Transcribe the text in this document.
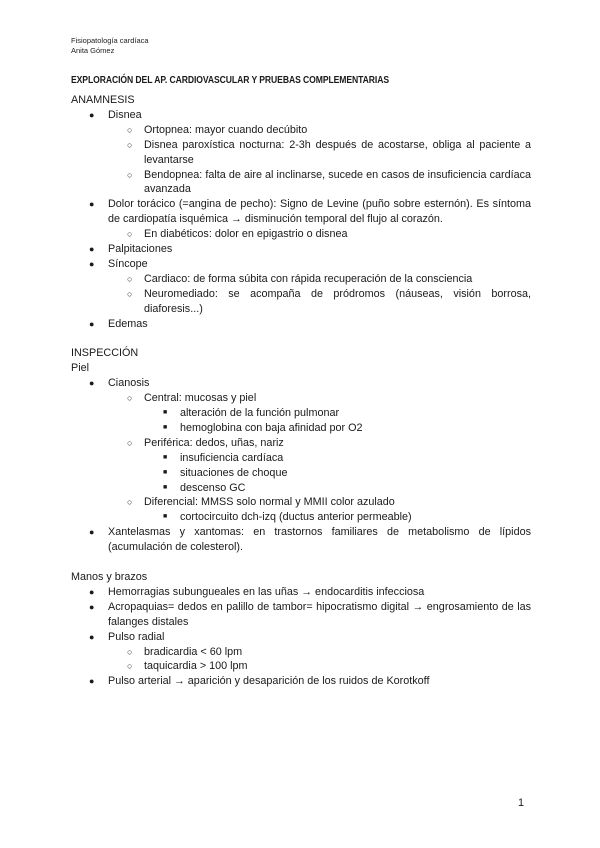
Fisiopatología cardíaca
Anita Gómez
EXPLORACIÓN DEL AP. CARDIOVASCULAR Y PRUEBAS COMPLEMENTARIAS
ANAMNESIS
● Disnea
○ Ortopnea: mayor cuando decúbito
○ Disnea paroxística nocturna: 2-3h después de acostarse, obliga al paciente a levantarse
○ Bendopnea: falta de aire al inclinarse, sucede en casos de insuficiencia cardíaca avanzada
● Dolor torácico (=angina de pecho): Signo de Levine (puño sobre esternón). Es síntoma de cardiopatía isquémica → disminución temporal del flujo al corazón.
○ En diabéticos: dolor en epigastrio o disnea
● Palpitaciones
● Síncope
○ Cardiaco: de forma súbita con rápida recuperación de la consciencia
○ Neuromediado: se acompaña de pródromos (náuseas, visión borrosa, diaforesis...)
● Edemas
INSPECCIÓN
Piel
● Cianosis
○ Central: mucosas y piel
■ alteración de la función pulmonar
■ hemoglobina con baja afinidad por O2
○ Periférica: dedos, uñas, nariz
■ insuficiencia cardíaca
■ situaciones de choque
■ descenso GC
○ Diferencial: MMSS solo normal y MMII color azulado
■ cortocircuito dch-izq (ductus anterior permeable)
● Xantelasmas y xantomas: en trastornos familiares de metabolismo de lípidos (acumulación de colesterol).
Manos y brazos
● Hemorragias subungueales en las uñas → endocarditis infecciosa
● Acropaquias= dedos en palillo de tambor= hipocratismo digital → engrosamiento de las falanges distales
● Pulso radial
○ bradicardia < 60 lpm
○ taquicardia > 100 lpm
● Pulso arterial → aparición y desaparición de los ruidos de Korotkoff
1
